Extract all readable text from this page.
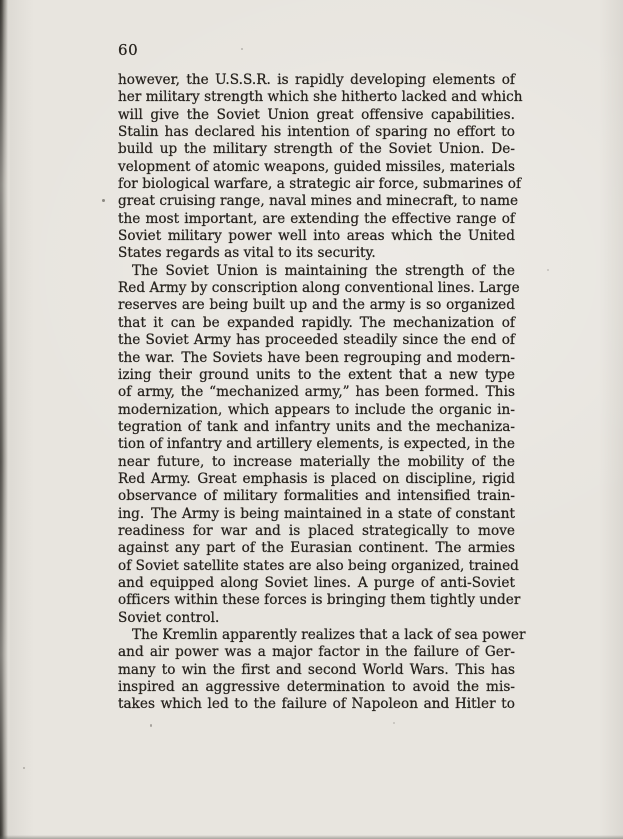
60
however, the U.S.S.R. is rapidly developing elements of
her military strength which she hitherto lacked and which
will give the Soviet Union great offensive capabilities.
Stalin has declared his intention of sparing no effort to
build up the military strength of the Soviet Union. De-
velopment of atomic weapons, guided missiles, materials
for biological warfare, a strategic air force, submarines of
great cruising range, naval mines and minecraft, to name
the most important, are extending the effective range of
Soviet military power well into areas which the United
States regards as vital to its security.
The Soviet Union is maintaining the strength of the
Red Army by conscription along conventional lines. Large
reserves are being built up and the army is so organized
that it can be expanded rapidly. The mechanization of
the Soviet Army has proceeded steadily since the end of
the war. The Soviets have been regrouping and modern-
izing their ground units to the extent that a new type
of army, the “mechanized army,” has been formed. This
modernization, which appears to include the organic in-
tegration of tank and infantry units and the mechaniza-
tion of infantry and artillery elements, is expected, in the
near future, to increase materially the mobility of the
Red Army. Great emphasis is placed on discipline, rigid
observance of military formalities and intensified train-
ing. The Army is being maintained in a state of constant
readiness for war and is placed strategically to move
against any part of the Eurasian continent. The armies
of Soviet satellite states are also being organized, trained
and equipped along Soviet lines. A purge of anti-Soviet
officers within these forces is bringing them tightly under
Soviet control.
The Kremlin apparently realizes that a lack of sea power
and air power was a major factor in the failure of Ger-
many to win the first and second World Wars. This has
inspired an aggressive determination to avoid the mis-
takes which led to the failure of Napoleon and Hitler to
